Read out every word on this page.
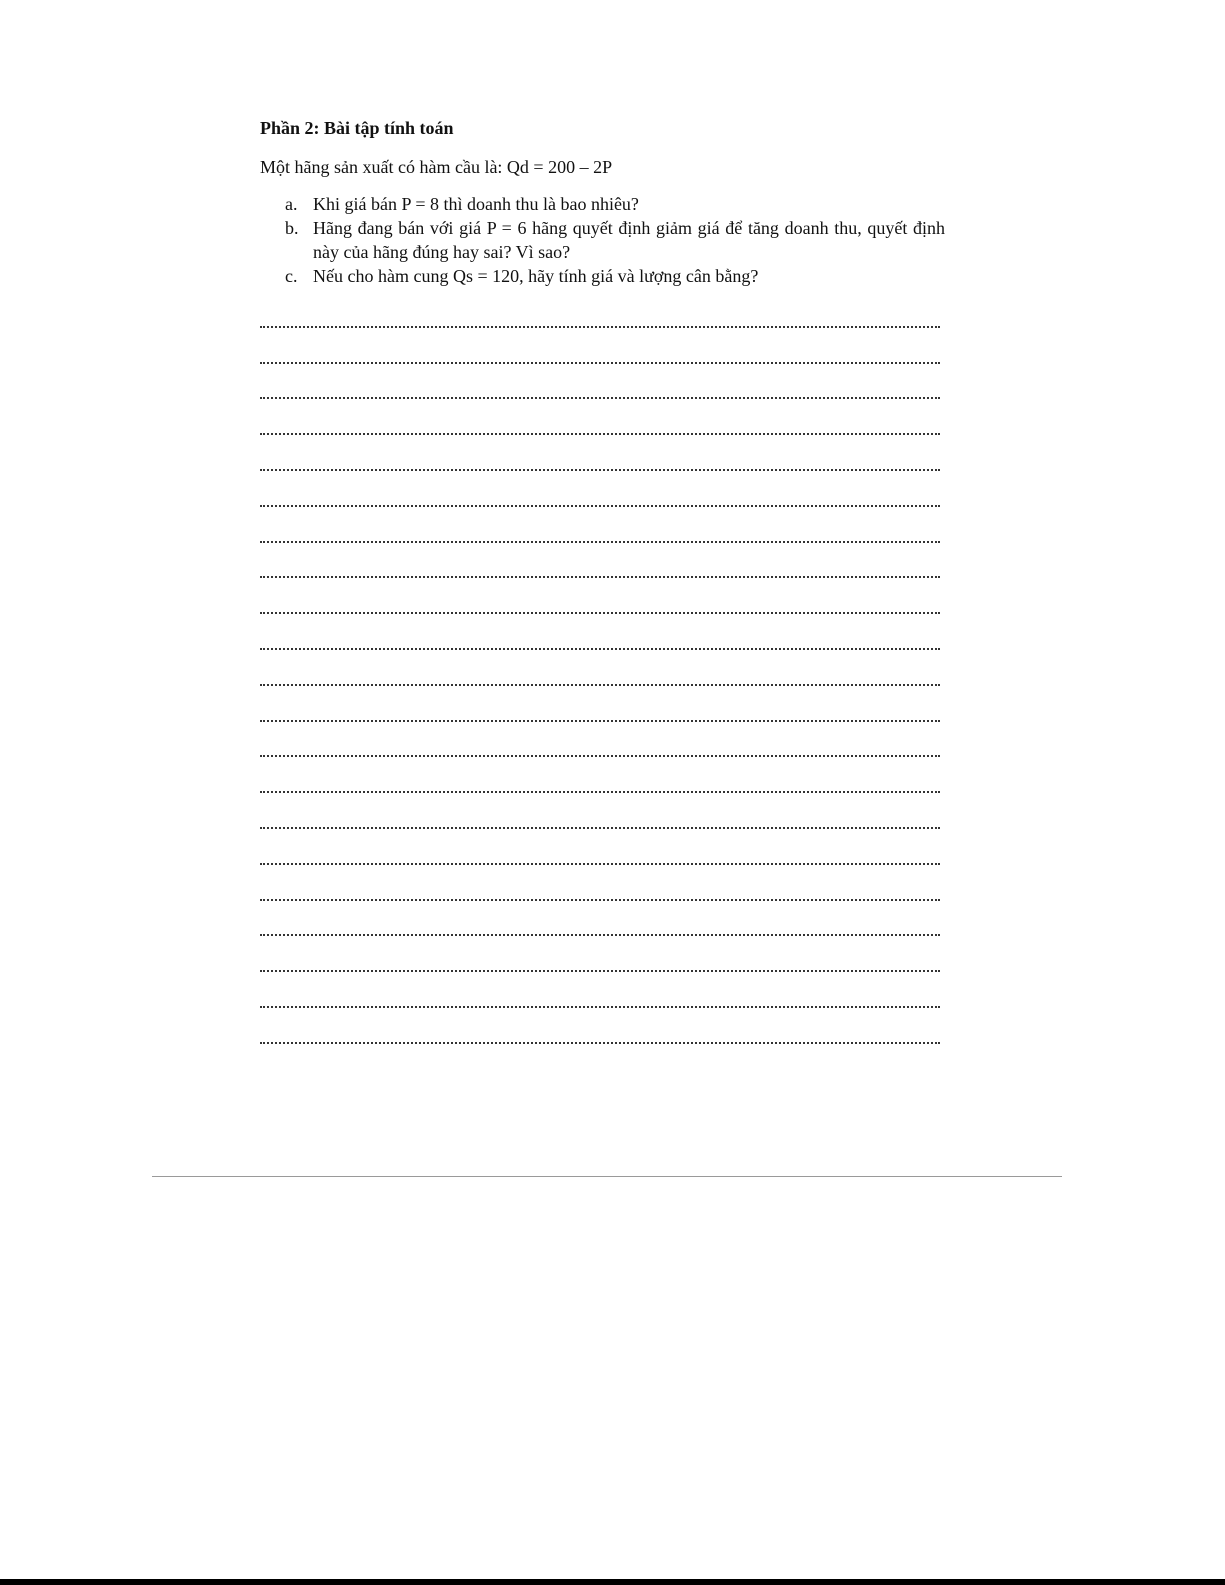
Phần 2: Bài tập tính toán

Một hãng sản xuất có hàm cầu là: Qd = 200 – 2P

a. Khi giá bán P = 8 thì doanh thu là bao nhiêu?
b. Hãng đang bán với giá P = 6 hãng quyết định giảm giá để tăng doanh thu, quyết định này của hãng đúng hay sai? Vì sao?
c. Nếu cho hàm cung Qs = 120, hãy tính giá và lượng cân bằng?
